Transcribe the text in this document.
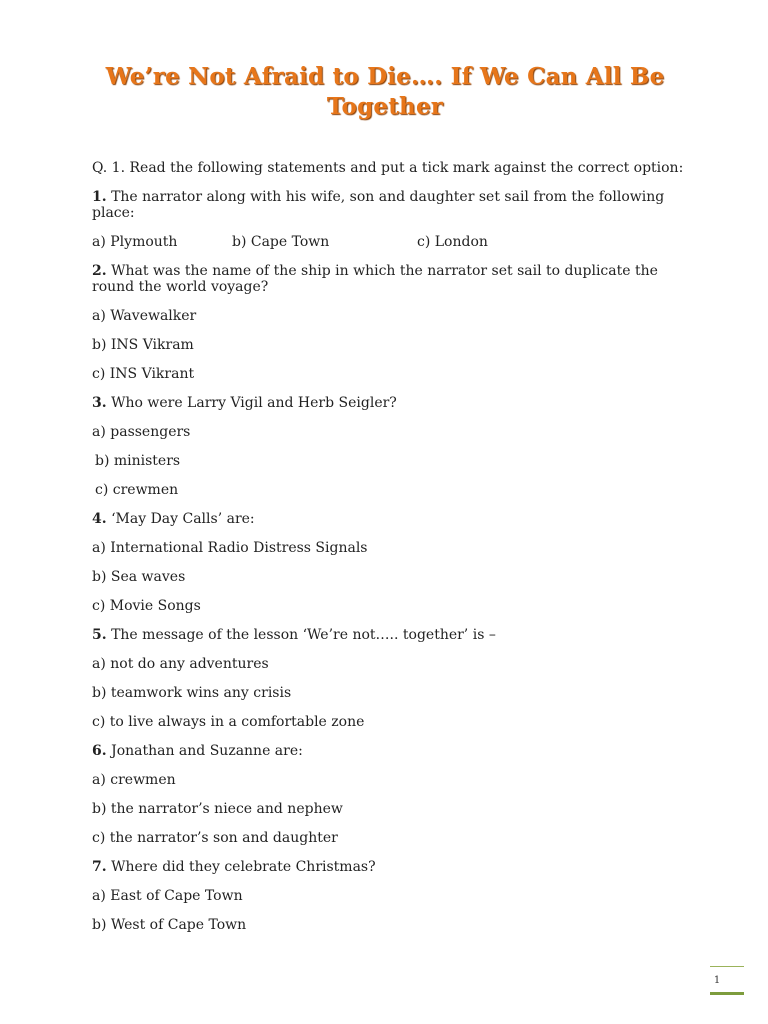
We’re Not Afraid to Die…. If We Can All Be
Together
Q. 1. Read the following statements and put a tick mark against the correct option:
1. The narrator along with his wife, son and daughter set sail from the following place:
a) Plymouth	b) Cape Town	c) London
2. What was the name of the ship in which the narrator set sail to duplicate the round the world voyage?
a) Wavewalker
b) INS Vikram
c) INS Vikrant
3. Who were Larry Vigil and Herb Seigler?
a) passengers
b) ministers
c) crewmen
4. ‘May Day Calls’ are:
a) International Radio Distress Signals
b) Sea waves
c) Movie Songs
5. The message of the lesson ‘We’re not….. together’ is –
a) not do any adventures
b) teamwork wins any crisis
c) to live always in a comfortable zone
6. Jonathan and Suzanne are:
a) crewmen
b) the narrator’s niece and nephew
c) the narrator’s son and daughter
7. Where did they celebrate Christmas?
a) East of Cape Town
b) West of Cape Town
1
